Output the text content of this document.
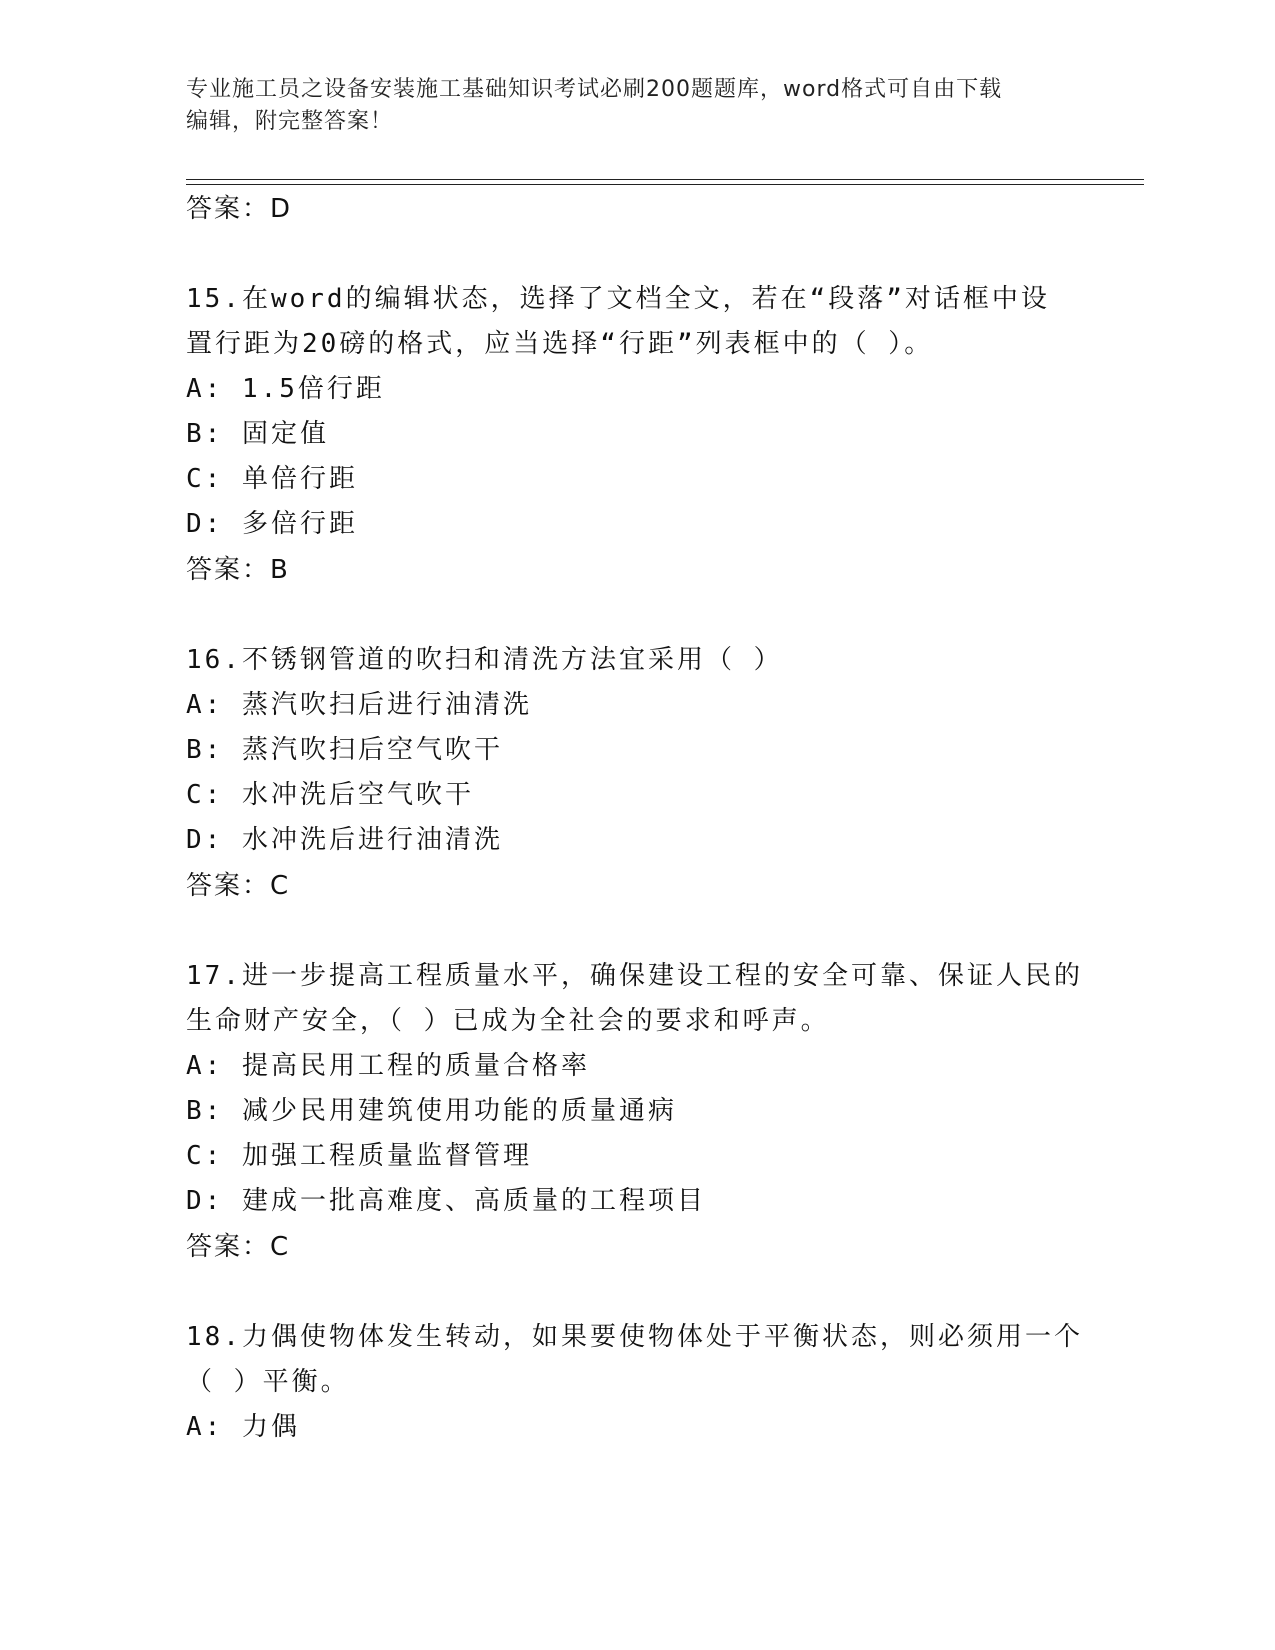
专业施工员之设备安装施工基础知识考试必刷200题题库，word格式可自由下载
编辑，附完整答案！
答案：D
15.在word的编辑状态，选择了文档全文，若在“段落”对话框中设
置行距为20磅的格式，应当选择“行距”列表框中的（ ）。
A: 1.5倍行距
B: 固定值
C: 单倍行距
D: 多倍行距
答案：B
16.不锈钢管道的吹扫和清洗方法宜采用（ ）
A: 蒸汽吹扫后进行油清洗
B: 蒸汽吹扫后空气吹干
C: 水冲洗后空气吹干
D: 水冲洗后进行油清洗
答案：C
17.进一步提高工程质量水平，确保建设工程的安全可靠、保证人民的
生命财产安全，（ ）已成为全社会的要求和呼声。
A: 提高民用工程的质量合格率
B: 减少民用建筑使用功能的质量通病
C: 加强工程质量监督管理
D: 建成一批高难度、高质量的工程项目
答案：C
18.力偶使物体发生转动，如果要使物体处于平衡状态，则必须用一个
（ ）平衡。
A: 力偶
